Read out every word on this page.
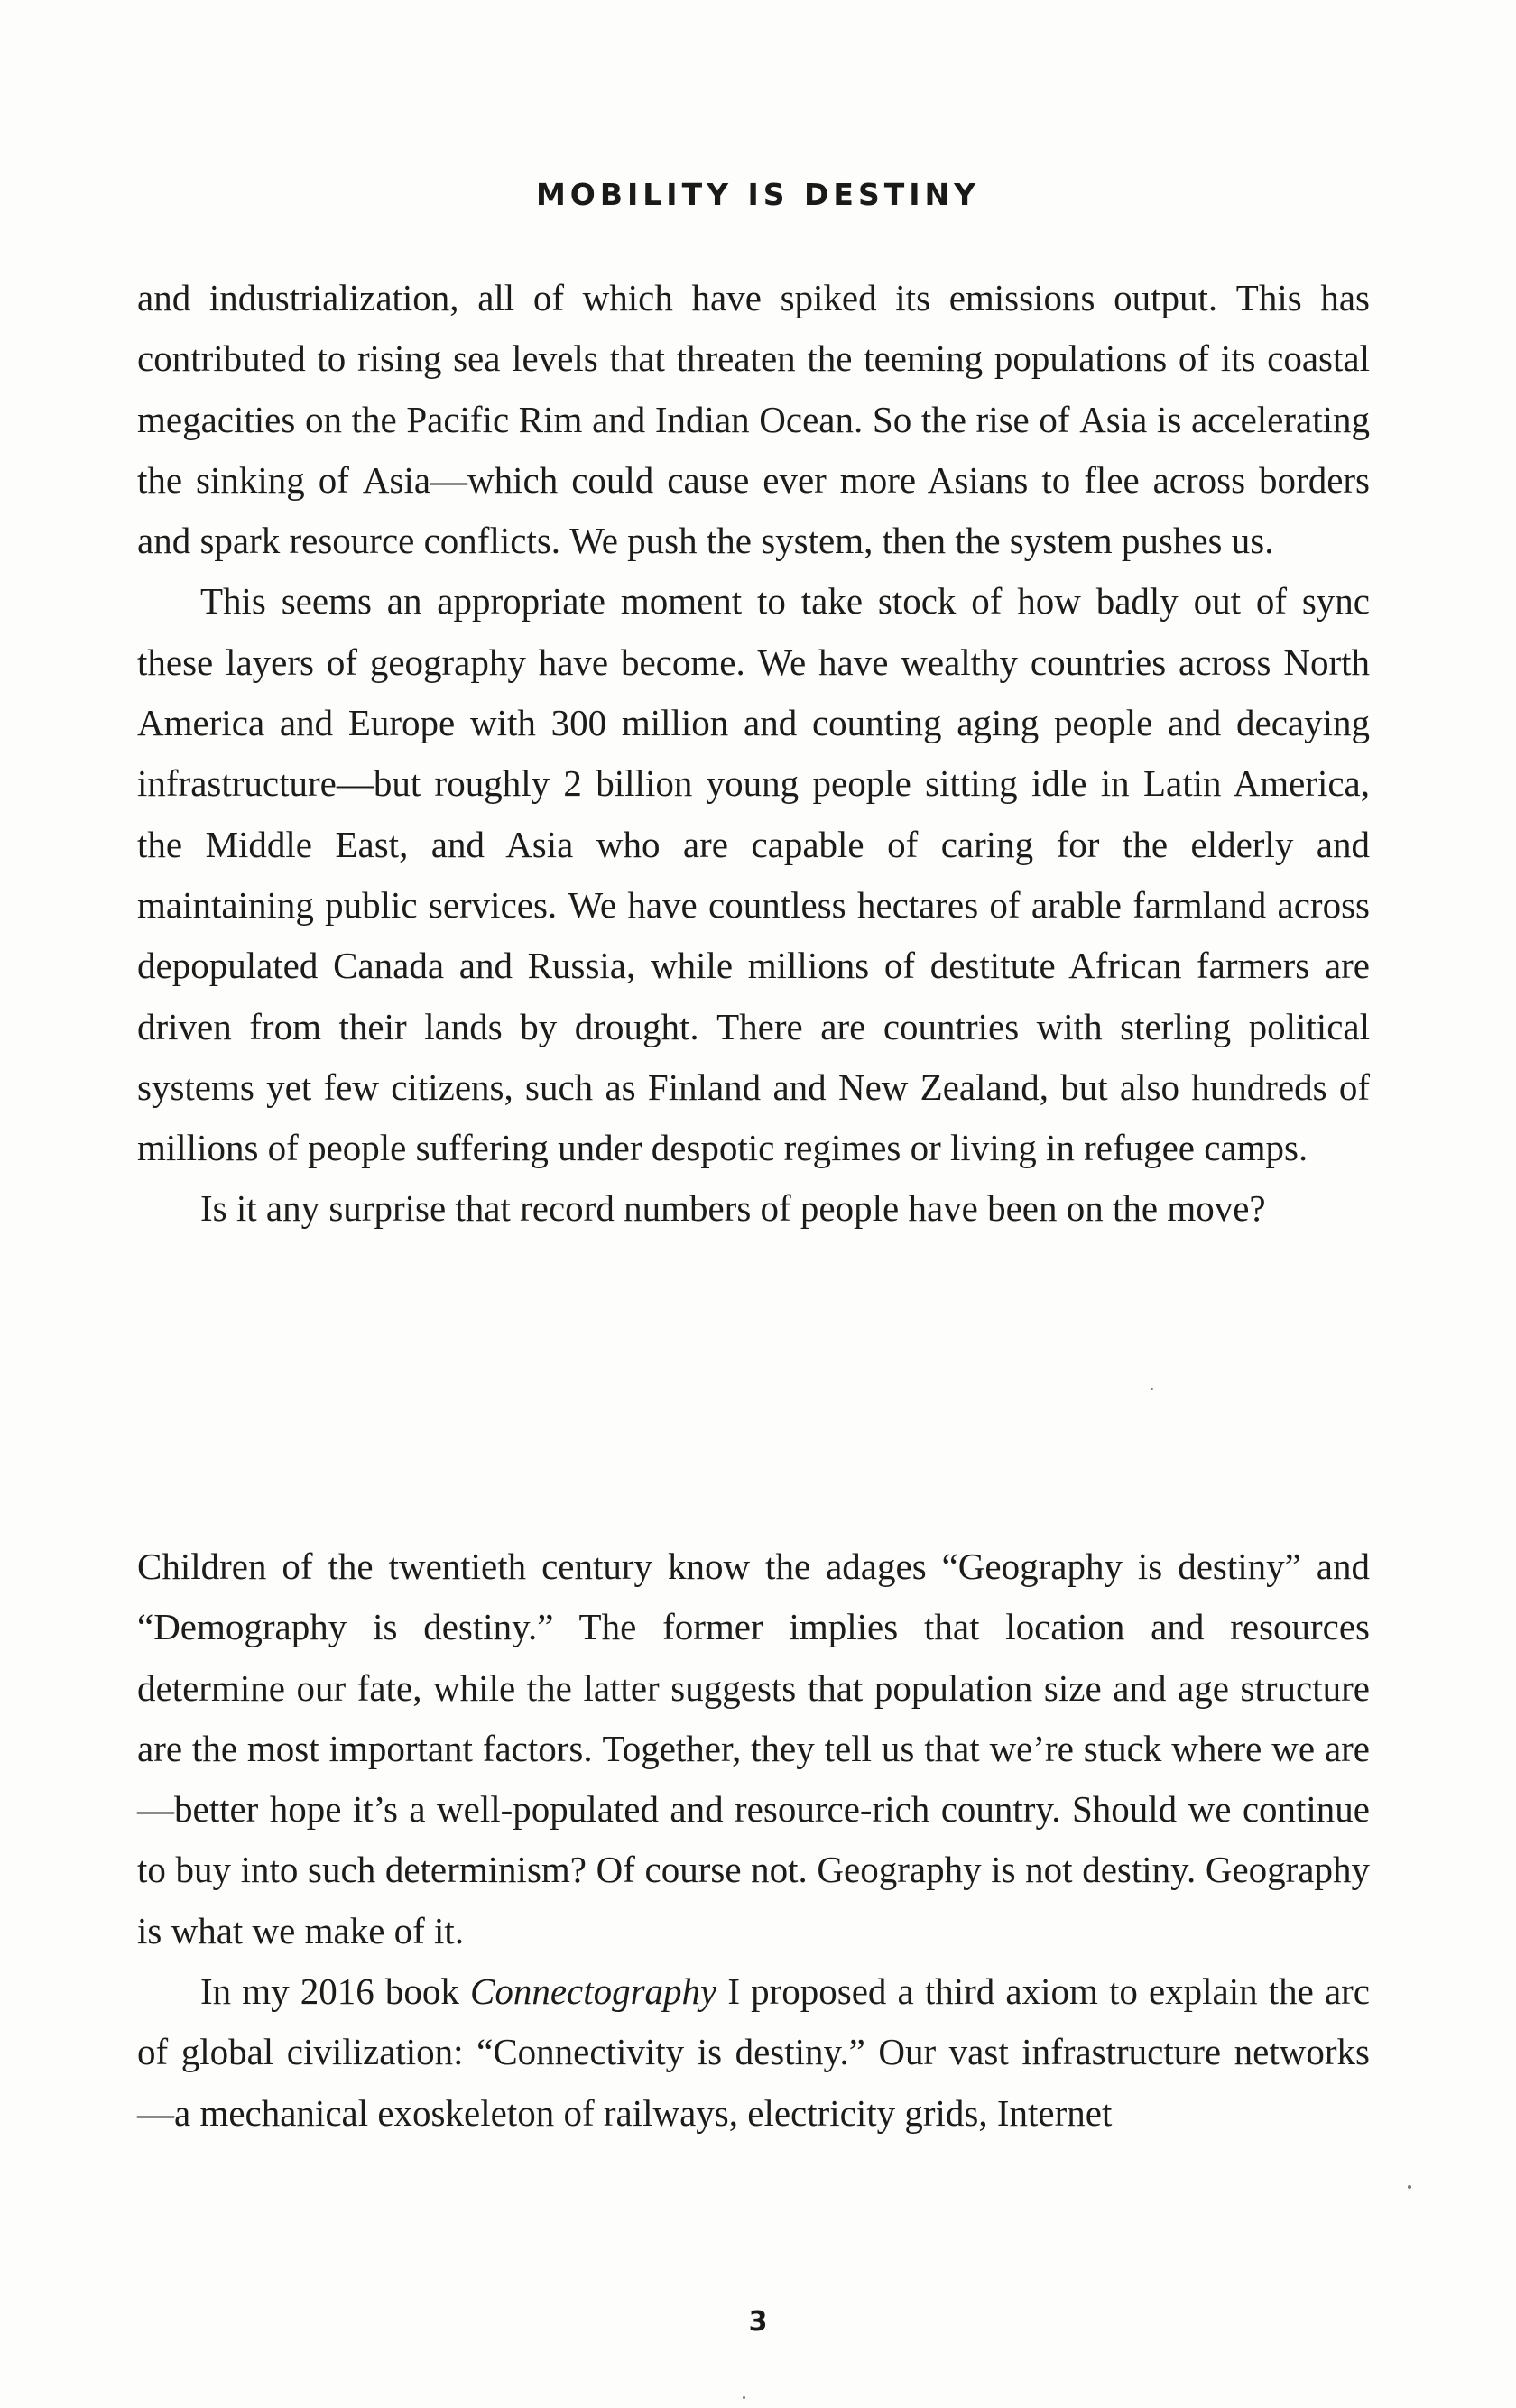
MOBILITY IS DESTINY

and industrialization, all of which have spiked its emissions output. This has contributed to rising sea levels that threaten the teeming populations of its coastal megacities on the Pacific Rim and Indian Ocean. So the rise of Asia is accelerating the sinking of Asia—which could cause ever more Asians to flee across borders and spark resource conflicts. We push the system, then the system pushes us.

This seems an appropriate moment to take stock of how badly out of sync these layers of geography have become. We have wealthy countries across North America and Europe with 300 million and counting aging people and decaying infrastructure—but roughly 2 billion young people sitting idle in Latin America, the Middle East, and Asia who are capable of caring for the elderly and maintaining public services. We have countless hectares of arable farmland across depopulated Canada and Russia, while millions of destitute African farmers are driven from their lands by drought. There are countries with sterling political systems yet few citizens, such as Finland and New Zealand, but also hundreds of millions of people suffering under despotic regimes or living in refugee camps.

Is it any surprise that record numbers of people have been on the move?

Children of the twentieth century know the adages “Geography is destiny” and “Demography is destiny.” The former implies that location and resources determine our fate, while the latter suggests that population size and age structure are the most important factors. Together, they tell us that we’re stuck where we are—better hope it’s a well-populated and resource-rich country. Should we continue to buy into such determinism? Of course not. Geography is not destiny. Geography is what we make of it.

In my 2016 book Connectography I proposed a third axiom to explain the arc of global civilization: “Connectivity is destiny.” Our vast infrastructure networks—a mechanical exoskeleton of railways, electricity grids, Internet

3
